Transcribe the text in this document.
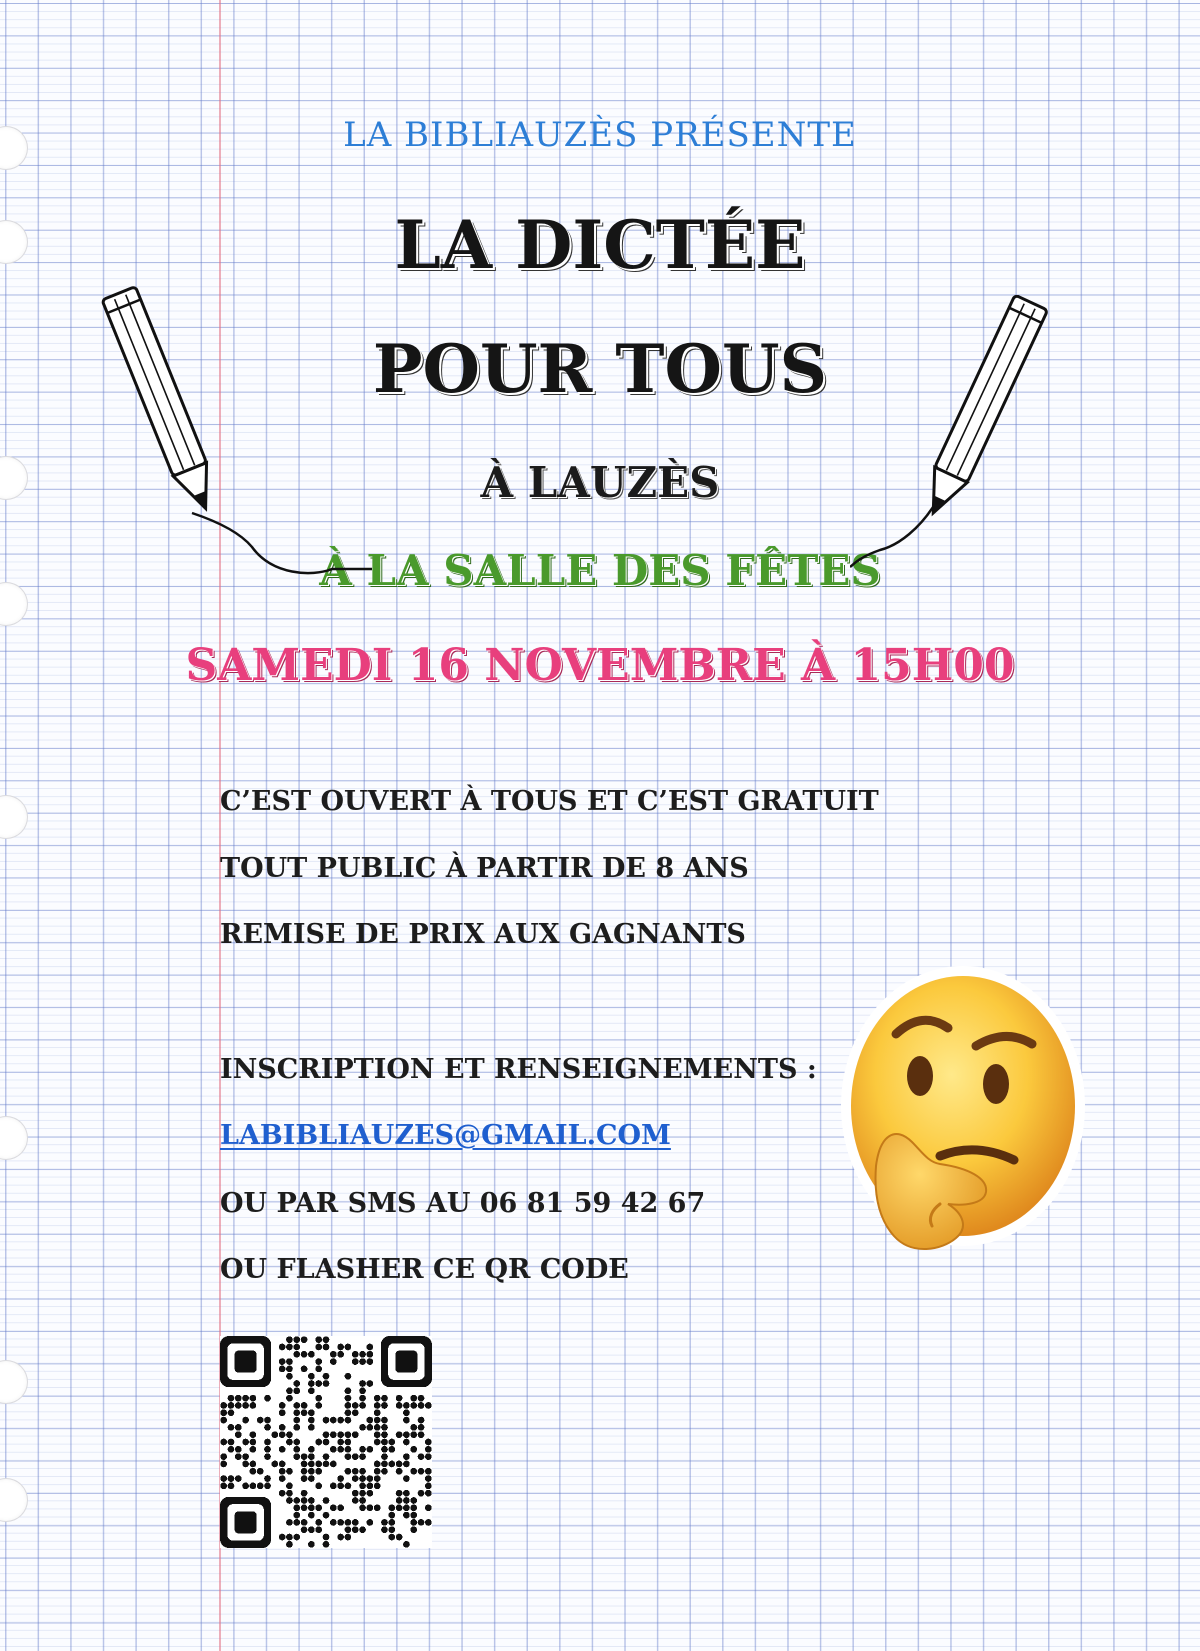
LA BIBLIAUZÈS PRÉSENTE
LA DICTÉE
POUR TOUS
À LAUZÈS
À LA SALLE DES FÊTES
SAMEDI 16 NOVEMBRE À 15H00
C’EST OUVERT À TOUS ET C’EST GRATUIT
TOUT PUBLIC À PARTIR DE 8 ANS
REMISE DE PRIX AUX GAGNANTS
INSCRIPTION ET RENSEIGNEMENTS :
LABIBLIAUZES@GMAIL.COM
OU PAR SMS AU 06 81 59 42 67
OU FLASHER CE QR CODE
